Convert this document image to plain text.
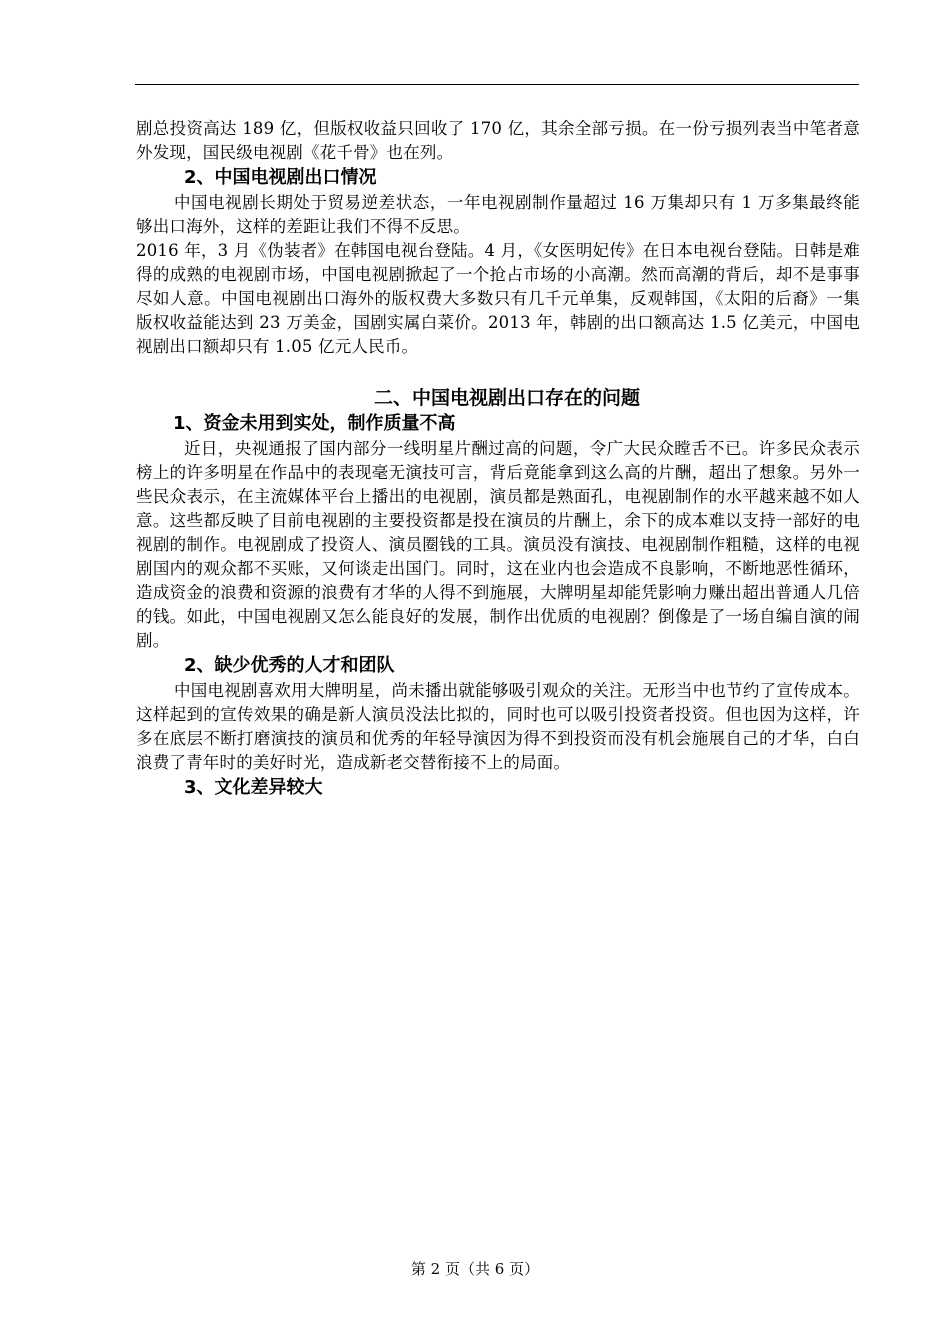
剧总投资高达 189 亿，但版权收益只回收了 170 亿，其余全部亏损。在一份亏损列表当中笔者意外发现，国民级电视剧《花千骨》也在列。

2、中国电视剧出口情况

中国电视剧长期处于贸易逆差状态，一年电视剧制作量超过 16 万集却只有 1 万多集最终能够出口海外，这样的差距让我们不得不反思。

2016 年，3 月《伪装者》在韩国电视台登陆。4 月，《女医明妃传》在日本电视台登陆。日韩是难得的成熟的电视剧市场，中国电视剧掀起了一个抢占市场的小高潮。然而高潮的背后，却不是事事尽如人意。中国电视剧出口海外的版权费大多数只有几千元单集，反观韩国，《太阳的后裔》一集版权收益能达到 23 万美金，国剧实属白菜价。2013 年，韩剧的出口额高达 1.5 亿美元，中国电视剧出口额却只有 1.05 亿元人民币。

二、中国电视剧出口存在的问题

1、资金未用到实处，制作质量不高

近日，央视通报了国内部分一线明星片酬过高的问题，令广大民众瞠舌不已。许多民众表示榜上的许多明星在作品中的表现毫无演技可言，背后竟能拿到这么高的片酬，超出了想象。另外一些民众表示，在主流媒体平台上播出的电视剧，演员都是熟面孔，电视剧制作的水平越来越不如人意。这些都反映了目前电视剧的主要投资都是投在演员的片酬上，余下的成本难以支持一部好的电视剧的制作。电视剧成了投资人、演员圈钱的工具。演员没有演技、电视剧制作粗糙，这样的电视剧国内的观众都不买账，又何谈走出国门。同时，这在业内也会造成不良影响，不断地恶性循环，造成资金的浪费和资源的浪费有才华的人得不到施展，大牌明星却能凭影响力赚出超出普通人几倍的钱。如此，中国电视剧又怎么能良好的发展，制作出优质的电视剧？倒像是了一场自编自演的闹剧。

2、缺少优秀的人才和团队

中国电视剧喜欢用大牌明星，尚未播出就能够吸引观众的关注。无形当中也节约了宣传成本。这样起到的宣传效果的确是新人演员没法比拟的，同时也可以吸引投资者投资。但也因为这样，许多在底层不断打磨演技的演员和优秀的年轻导演因为得不到投资而没有机会施展自己的才华，白白浪费了青年时的美好时光，造成新老交替衔接不上的局面。

3、文化差异较大

第 2 页（共 6 页）
